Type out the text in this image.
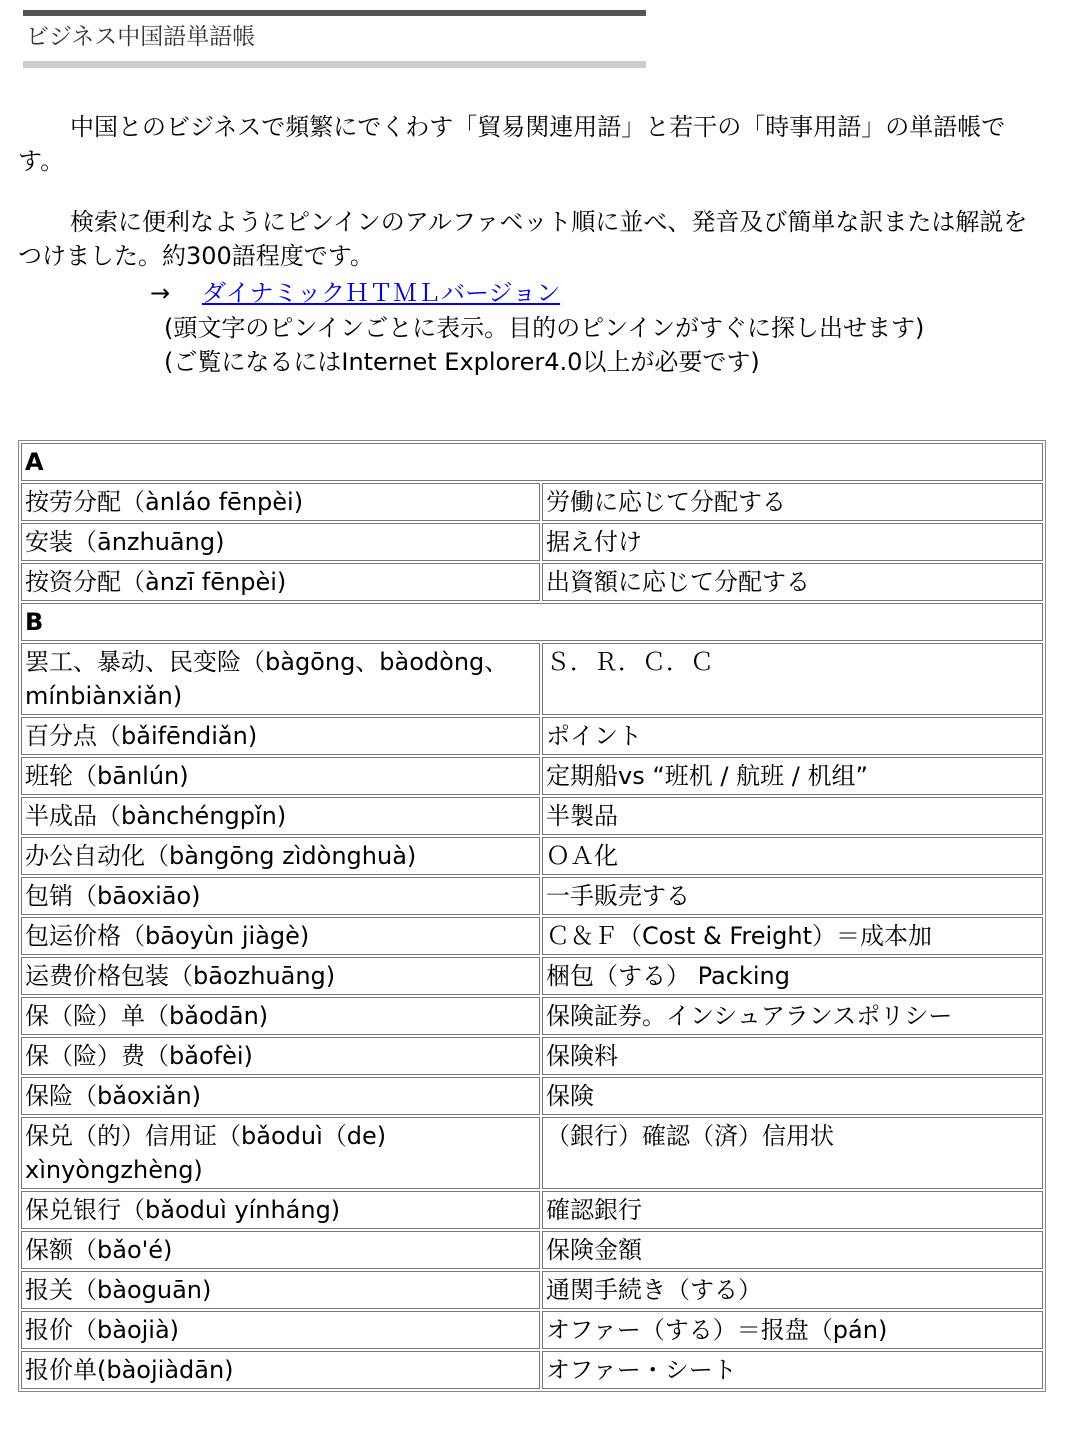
ビジネス中国語単語帳
中国とのビジネスで頻繁にでくわす「貿易関連用語」と若干の「時事用語」の単語帳です。
検索に便利なようにピンインのアルファベット順に並べ、発音及び簡単な訳または解説をつけました。約300語程度です。
→ ダイナミックＨＴＭＬバージョン
(頭文字のピンインごとに表示。目的のピンインがすぐに探し出せます)
(ご覧になるにはInternet Explorer4.0以上が必要です)
A	
按劳分配（ànláo fēnpèi)	労働に応じて分配する
安装（ānzhuāng)	据え付け
按资分配（ànzī fēnpèi)	出資額に応じて分配する
B	
罢工、暴动、民变险（bàgōng、bàodòng、mínbiànxiǎn)	Ｓ．Ｒ．Ｃ．Ｃ
百分点（bǎifēndiǎn)	ポイント
班轮（bānlún)	定期船vs “班机 / 航班 / 机组”
半成品（bànchéngpǐn)	半製品
办公自动化（bàngōng zìdònghuà)	ＯＡ化
包销（bāoxiāo)	一手販売する
包运价格（bāoyùn jiàgè)	Ｃ＆Ｆ（Cost & Freight）＝成本加
运费价格包装（bāozhuāng)	梱包（する） Packing
保（险）单（bǎodān)	保険証券。インシュアランスポリシー
保（险）费（bǎofèi)	保険料
保险（bǎoxiǎn)	保険
保兑（的）信用证（bǎoduì（de) xìnyòngzhèng)	（銀行）確認（済）信用状
保兑银行（bǎoduì yínháng)	確認銀行
保额（bǎo'é)	保険金額
报关（bàoguān)	通関手続き（する）
报价（bàojià)	オファー（する）＝报盘（pán)
报价单(bàojiàdān)	オファー・シート
